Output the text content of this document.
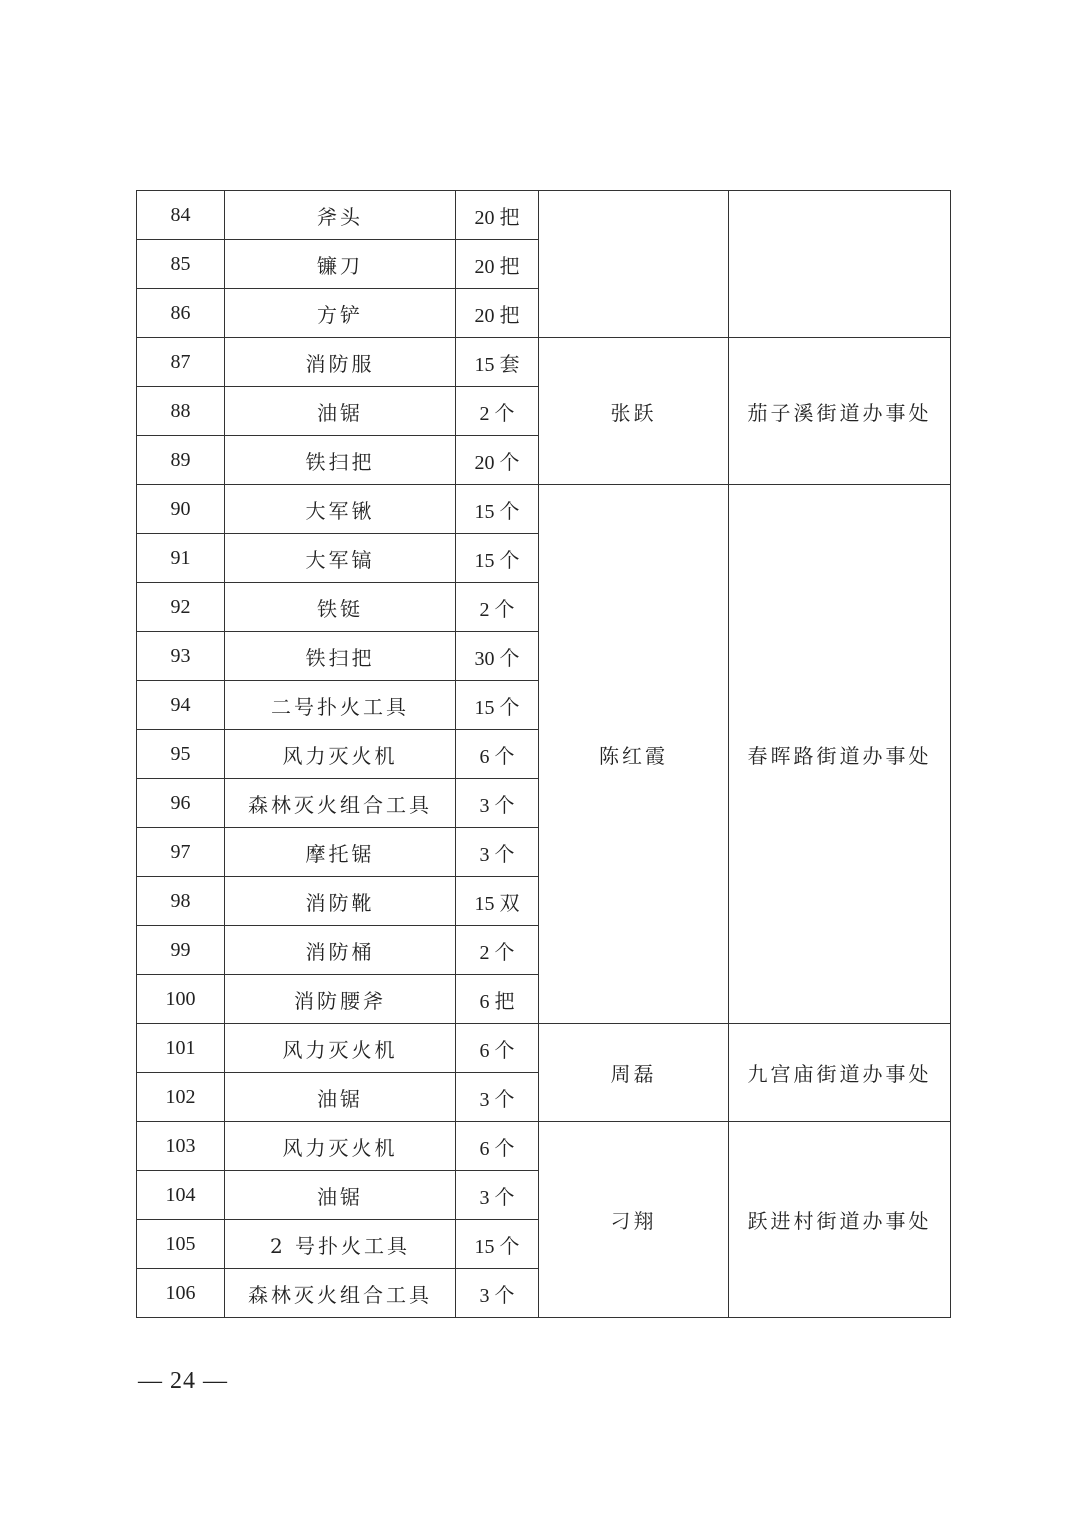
84	斧头	20 把		
85	镰刀	20 把		
86	方铲	20 把		
87	消防服	15 套	张跃	茄子溪街道办事处
88	油锯	2 个		
89	铁扫把	20 个		
90	大军锹	15 个	陈红霞	春晖路街道办事处
91	大军镐	15 个		
92	铁铤	2 个		
93	铁扫把	30 个		
94	二号扑火工具	15 个		
95	风力灭火机	6 个		
96	森林灭火组合工具	3 个		
97	摩托锯	3 个		
98	消防靴	15 双		
99	消防桶	2 个		
100	消防腰斧	6 把		
101	风力灭火机	6 个	周磊	九宫庙街道办事处
102	油锯	3 个		
103	风力灭火机	6 个	刁翔	跃进村街道办事处
104	油锯	3 个		
105	2 号扑火工具	15 个		
106	森林灭火组合工具	3 个		
— 24 —
